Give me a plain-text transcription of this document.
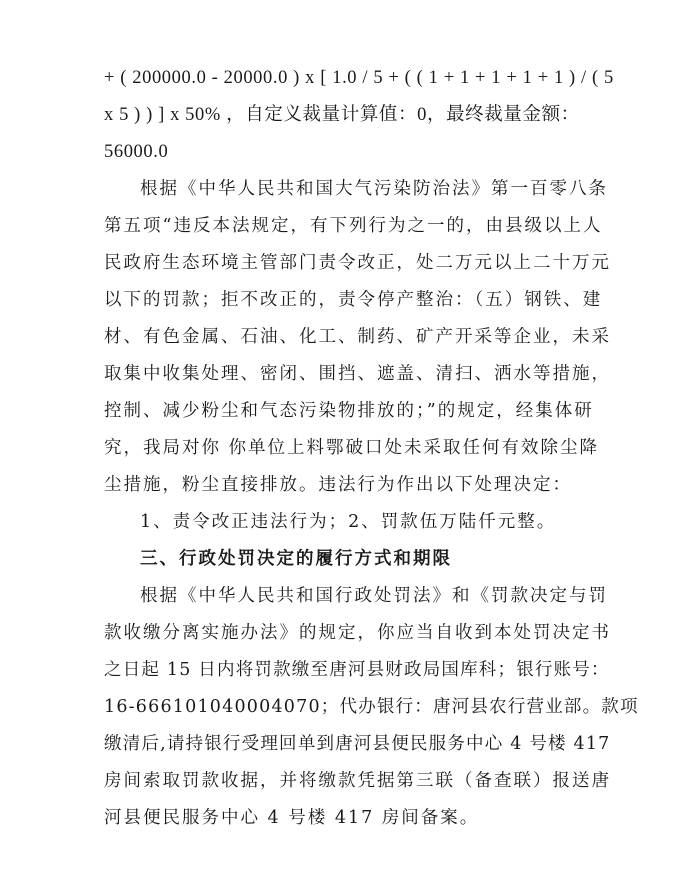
+ ( 200000.0 - 20000.0 ) x [ 1.0 / 5 + ( ( 1 + 1 + 1 + 1 + 1 ) / ( 5
x 5 ) ) ] x 50% ，自定义裁量计算值：0，最终裁量金额：
56000.0
根据《中华人民共和国大气污染防治法》第一百零八条
第五项“违反本法规定，有下列行为之一的，由县级以上人
民政府生态环境主管部门责令改正，处二万元以上二十万元
以下的罚款；拒不改正的，责令停产整治：（五）钢铁、建
材、有色金属、石油、化工、制药、矿产开采等企业，未采
取集中收集处理、密闭、围挡、遮盖、清扫、洒水等措施，
控制、减少粉尘和气态污染物排放的；”的规定，经集体研
究，我局对你 你单位上料鄂破口处未采取任何有效除尘降
尘措施，粉尘直接排放。违法行为作出以下处理决定：
1、责令改正违法行为；2、罚款伍万陆仟元整。
三、行政处罚决定的履行方式和期限
根据《中华人民共和国行政处罚法》和《罚款决定与罚
款收缴分离实施办法》的规定，你应当自收到本处罚决定书
之日起 15 日内将罚款缴至唐河县财政局国库科；银行账号：
16-666101040004070；代办银行：唐河县农行营业部。款项
缴清后,请持银行受理回单到唐河县便民服务中心 4 号楼 417
房间索取罚款收据，并将缴款凭据第三联（备查联）报送唐
河县便民服务中心 4 号楼 417 房间备案。
